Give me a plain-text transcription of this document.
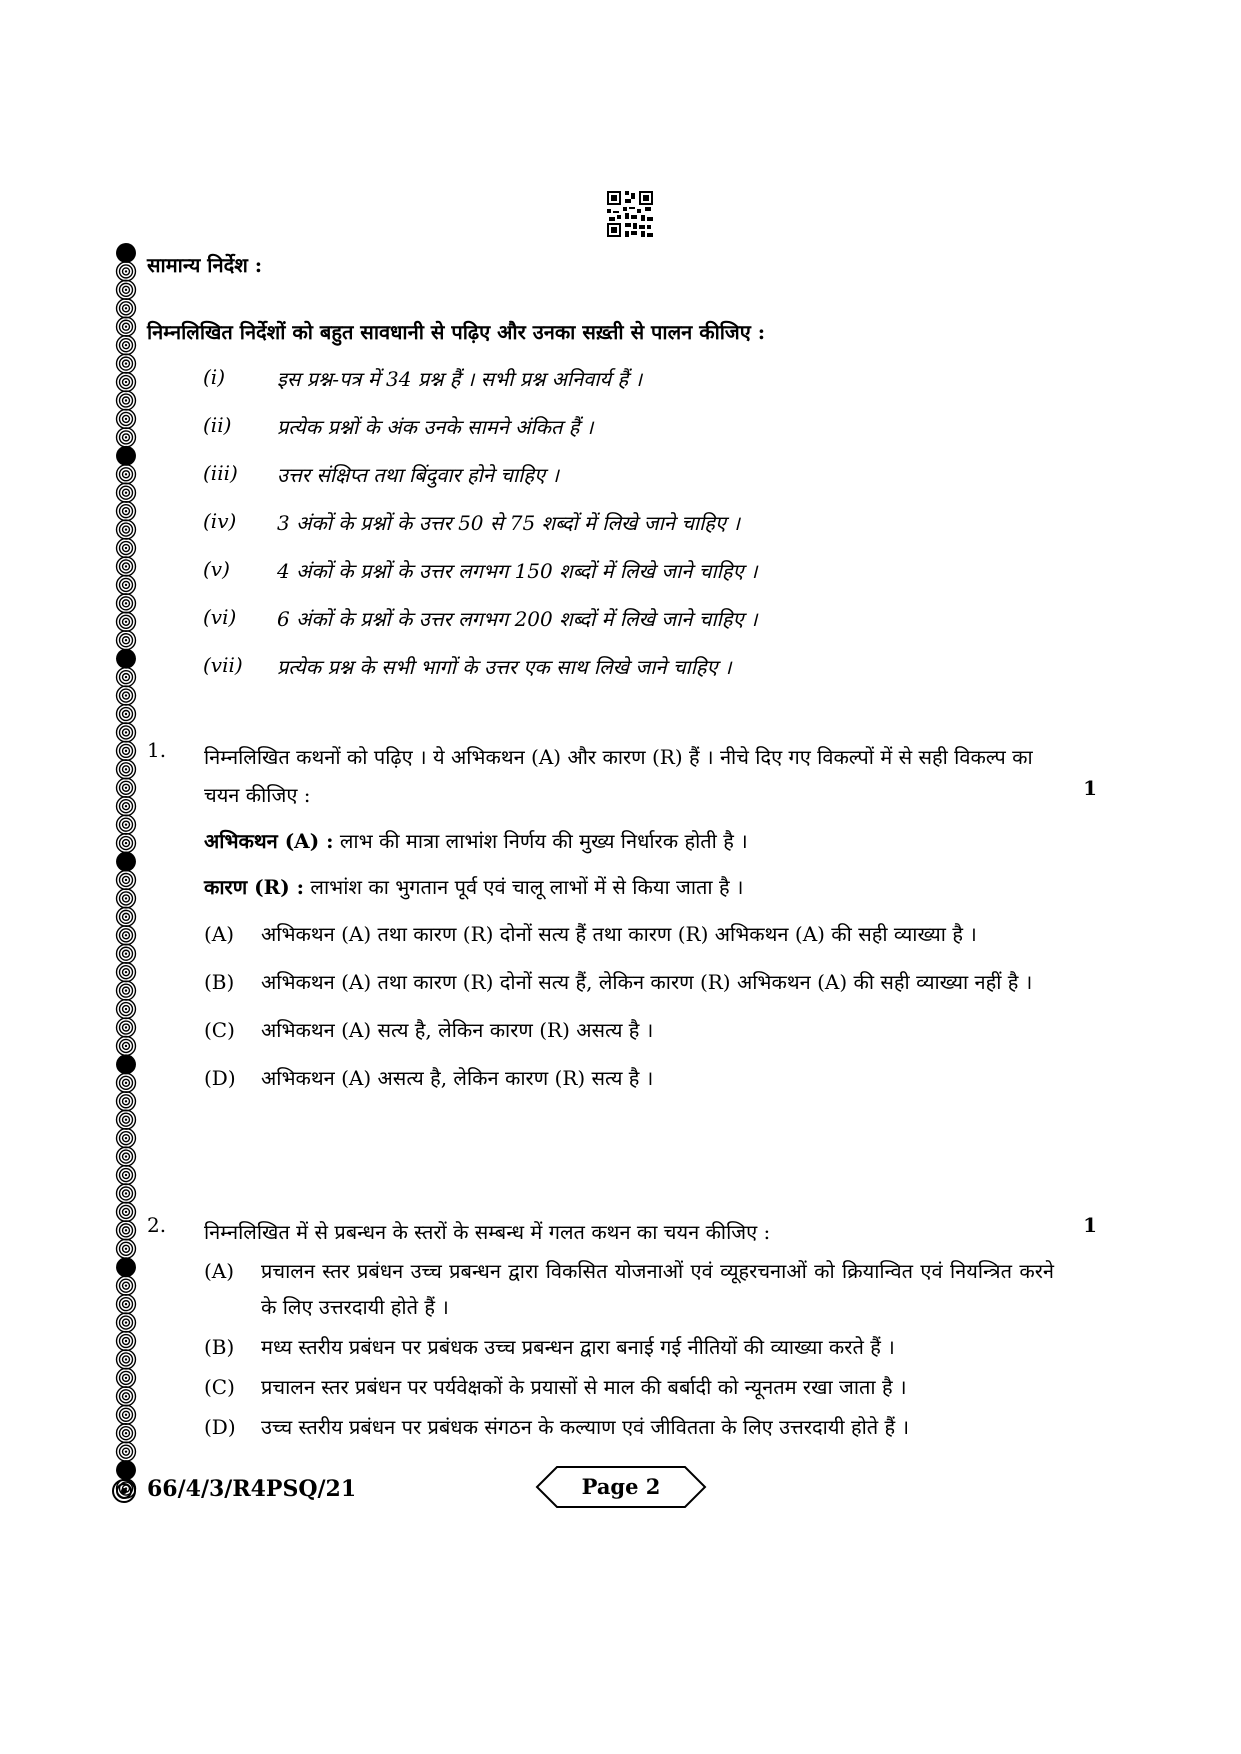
सामान्य निर्देश :
निम्नलिखित निर्देशों को बहुत सावधानी से पढ़िए और उनका सख़्ती से पालन कीजिए :
(i)	इस प्रश्न-पत्र में 34 प्रश्न हैं । सभी प्रश्न अनिवार्य हैं ।
(ii)	प्रत्येक प्रश्नों के अंक उनके सामने अंकित हैं ।
(iii)	उत्तर संक्षिप्त तथा बिंदुवार होने चाहिए ।
(iv)	3 अंकों के प्रश्नों के उत्तर 50 से 75 शब्दों में लिखे जाने चाहिए ।
(v)	4 अंकों के प्रश्नों के उत्तर लगभग 150 शब्दों में लिखे जाने चाहिए ।
(vi)	6 अंकों के प्रश्नों के उत्तर लगभग 200 शब्दों में लिखे जाने चाहिए ।
(vii)	प्रत्येक प्रश्न के सभी भागों के उत्तर एक साथ लिखे जाने चाहिए ।
1.	निम्नलिखित कथनों को पढ़िए । ये अभिकथन (A) और कारण (R) हैं । नीचे दिए गए विकल्पों में से सही विकल्प का चयन कीजिए :	1
अभिकथन (A) : लाभ की मात्रा लाभांश निर्णय की मुख्य निर्धारक होती है ।
कारण (R) : लाभांश का भुगतान पूर्व एवं चालू लाभों में से किया जाता है ।
(A) अभिकथन (A) तथा कारण (R) दोनों सत्य हैं तथा कारण (R) अभिकथन (A) की सही व्याख्या है ।
(B) अभिकथन (A) तथा कारण (R) दोनों सत्य हैं, लेकिन कारण (R) अभिकथन (A) की सही व्याख्या नहीं है ।
(C) अभिकथन (A) सत्य है, लेकिन कारण (R) असत्य है ।
(D) अभिकथन (A) असत्य है, लेकिन कारण (R) सत्य है ।
2.	निम्नलिखित में से प्रबन्धन के स्तरों के सम्बन्ध में गलत कथन का चयन कीजिए :	1
(A) प्रचालन स्तर प्रबंधन उच्च प्रबन्धन द्वारा विकसित योजनाओं एवं व्यूहरचनाओं को क्रियान्वित एवं नियन्त्रित करने के लिए उत्तरदायी होते हैं ।
(B) मध्य स्तरीय प्रबंधन पर प्रबंधक उच्च प्रबन्धन द्वारा बनाई गई नीतियों की व्याख्या करते हैं ।
(C) प्रचालन स्तर प्रबंधन पर पर्यवेक्षकों के प्रयासों से माल की बर्बादी को न्यूनतम रखा जाता है ।
(D) उच्च स्तरीय प्रबंधन पर प्रबंधक संगठन के कल्याण एवं जीवितता के लिए उत्तरदायी होते हैं ।
66/4/3/R4PSQ/21	Page 2
